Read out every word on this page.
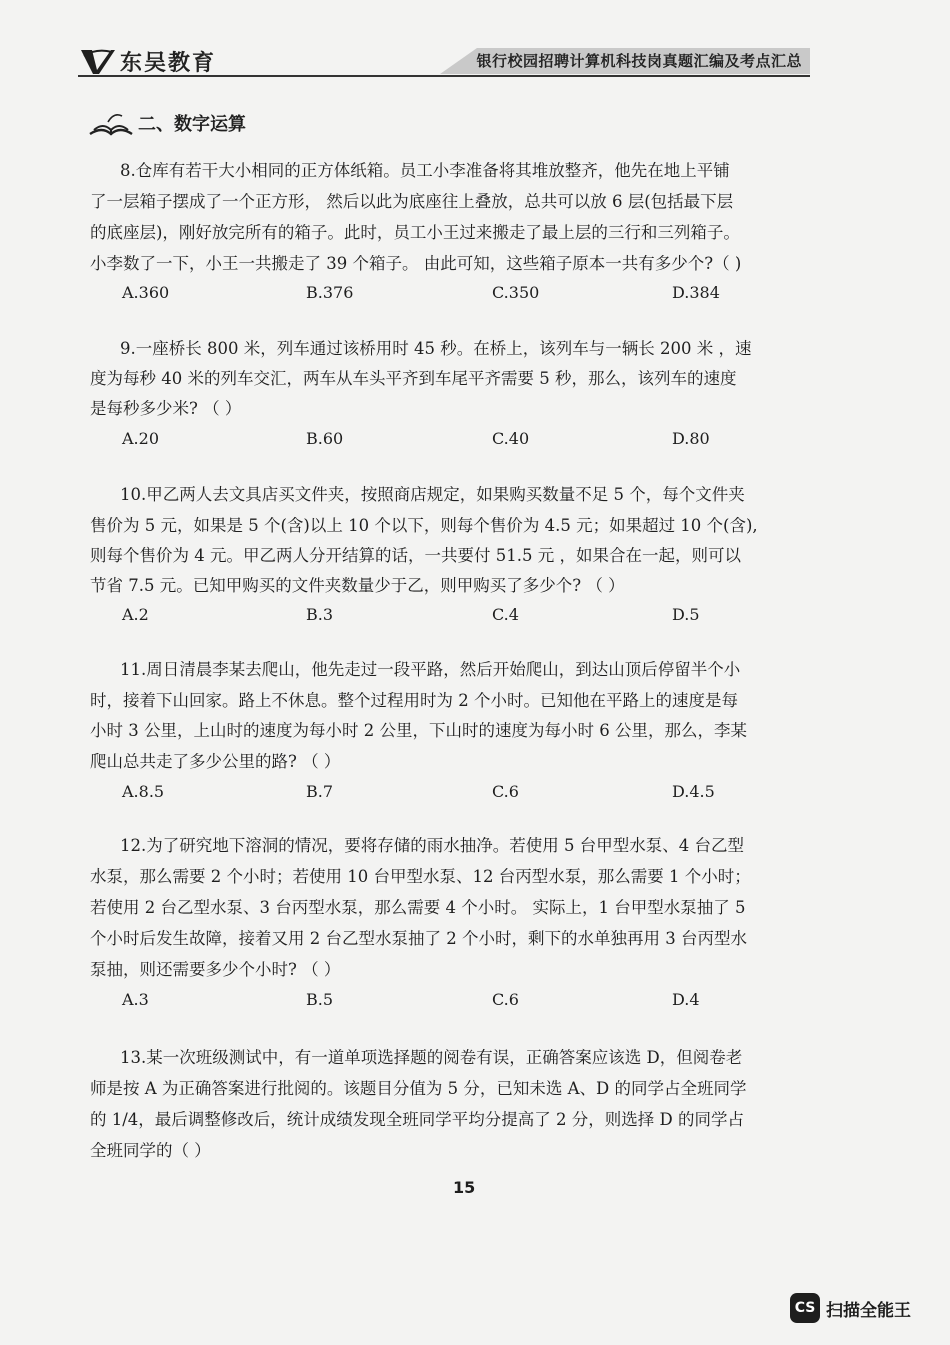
东吴教育	银行校园招聘计算机科技岗真题汇编及考点汇总
二、数字运算
8.仓库有若干大小相同的正方体纸箱。员工小李准备将其堆放整齐，他先在地上平铺
了一层箱子摆成了一个正方形， 然后以此为底座往上叠放，总共可以放 6 层(包括最下层
的底座层)，刚好放完所有的箱子。此时，员工小王过来搬走了最上层的三行和三列箱子。
小李数了一下，小王一共搬走了 39 个箱子。 由此可知，这些箱子原本一共有多少个?（ )
A.360	B.376	C.350	D.384
9.一座桥长 800 米，列车通过该桥用时 45 秒。在桥上，该列车与一辆长 200 米 ，速
度为每秒 40 米的列车交汇，两车从车头平齐到车尾平齐需要 5 秒，那么，该列车的速度
是每秒多少米? （ ）
A.20	B.60	C.40	D.80
10.甲乙两人去文具店买文件夹，按照商店规定，如果购买数量不足 5 个，每个文件夹
售价为 5 元，如果是 5 个(含)以上 10 个以下，则每个售价为 4.5 元；如果超过 10 个(含),
则每个售价为 4 元。甲乙两人分开结算的话，一共要付 51.5 元 ，如果合在一起，则可以
节省 7.5 元。已知甲购买的文件夹数量少于乙，则甲购买了多少个? （ ）
A.2	B.3	C.4	D.5
11.周日清晨李某去爬山，他先走过一段平路，然后开始爬山，到达山顶后停留半个小
时，接着下山回家。路上不休息。整个过程用时为 2 个小时。已知他在平路上的速度是每
小时 3 公里，上山时的速度为每小时 2 公里，下山时的速度为每小时 6 公里，那么，李某
爬山总共走了多少公里的路? （ ）
A.8.5	B.7	C.6	D.4.5
12.为了研究地下溶洞的情况，要将存储的雨水抽净。若使用 5 台甲型水泵、4 台乙型
水泵，那么需要 2 个小时；若使用 10 台甲型水泵、12 台丙型水泵，那么需要 1 个小时；
若使用 2 台乙型水泵、3 台丙型水泵，那么需要 4 个小时。 实际上，1 台甲型水泵抽了 5
个小时后发生故障，接着又用 2 台乙型水泵抽了 2 个小时，剩下的水单独再用 3 台丙型水
泵抽，则还需要多少个小时? （ ）
A.3	B.5	C.6	D.4
13.某一次班级测试中，有一道单项选择题的阅卷有误，正确答案应该选 D，但阅卷老
师是按 A 为正确答案进行批阅的。该题目分值为 5 分，已知未选 A、D 的同学占全班同学
的 1/4，最后调整修改后，统计成绩发现全班同学平均分提高了 2 分，则选择 D 的同学占
全班同学的（ ）
15
CS 扫描全能王
